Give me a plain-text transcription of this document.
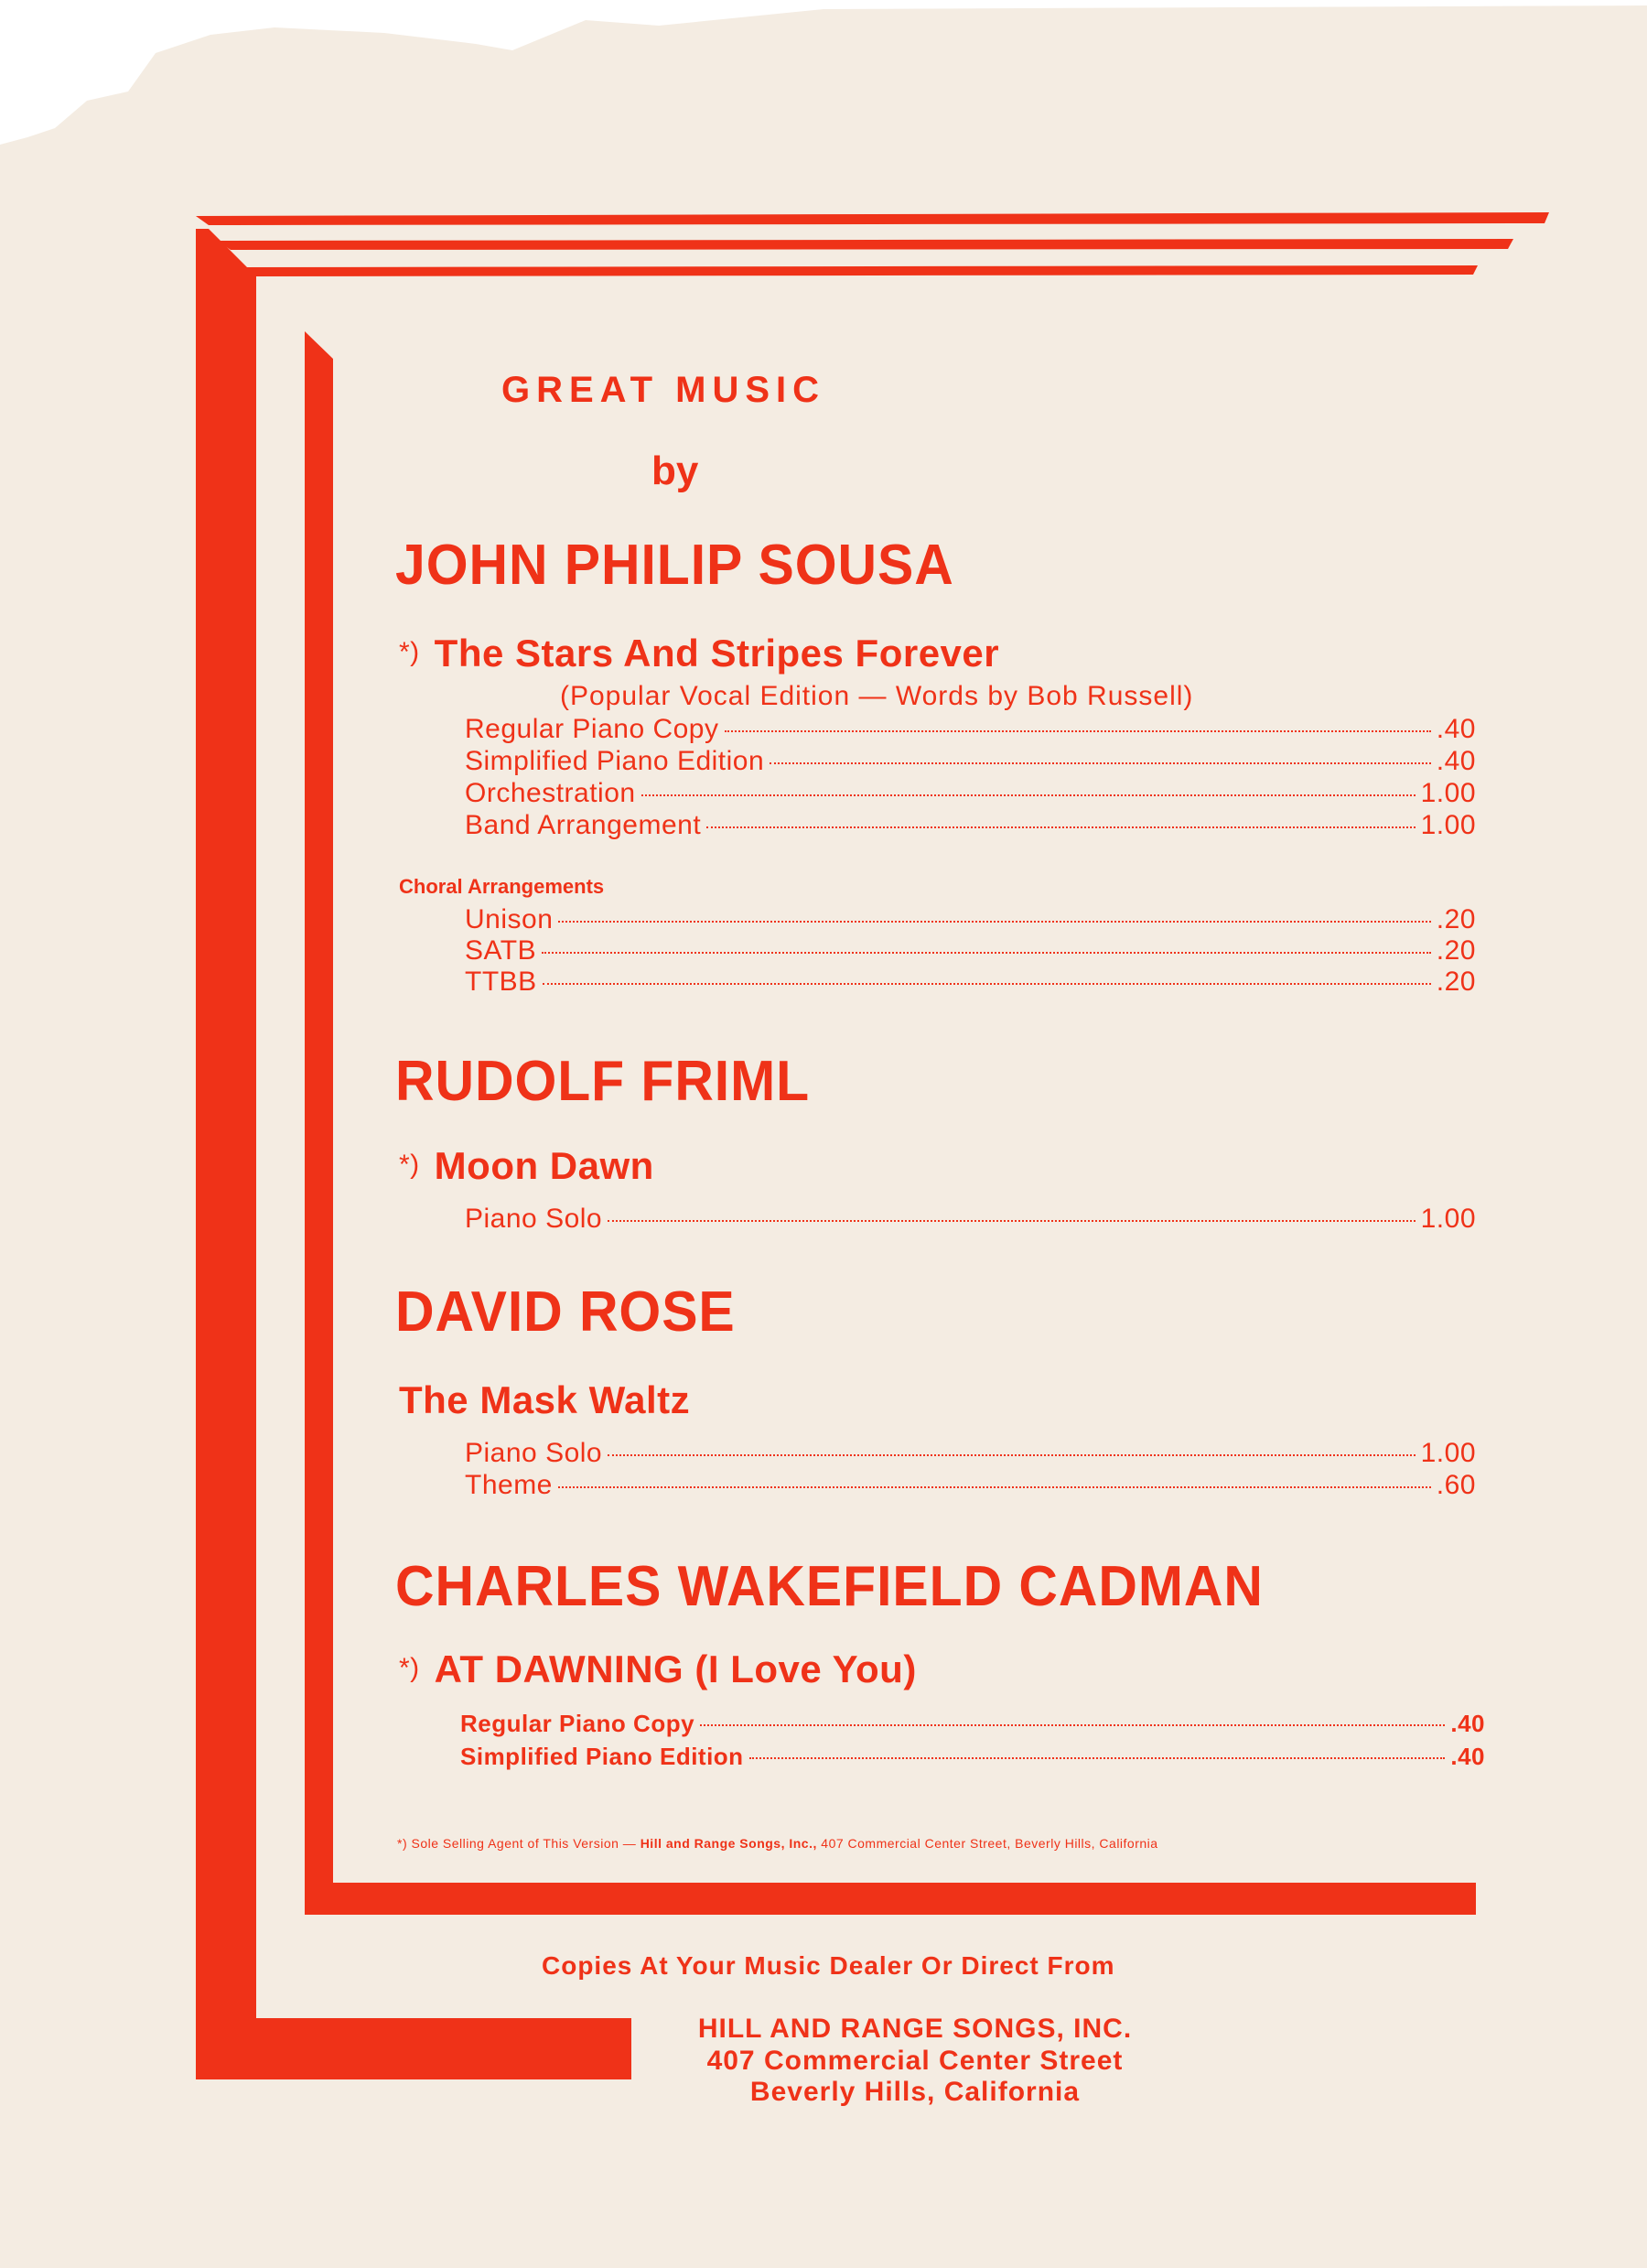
GREAT MUSIC
by
JOHN PHILIP SOUSA
*) The Stars And Stripes Forever
(Popular Vocal Edition — Words by Bob Russell)
Regular Piano Copy	.40
Simplified Piano Edition	.40
Orchestration	1.00
Band Arrangement	1.00
Choral Arrangements
Unison	.20
SATB	.20
TTBB	.20
RUDOLF FRIML
*) Moon Dawn
Piano Solo	1.00
DAVID ROSE
The Mask Waltz
Piano Solo	1.00
Theme	.60
CHARLES WAKEFIELD CADMAN
*) AT DAWNING (I Love You)
Regular Piano Copy	.40
Simplified Piano Edition	.40
*) Sole Selling Agent of This Version — Hill and Range Songs, Inc., 407 Commercial Center Street, Beverly Hills, California
Copies At Your Music Dealer Or Direct From
HILL AND RANGE SONGS, INC.
407 Commercial Center Street
Beverly Hills, California
